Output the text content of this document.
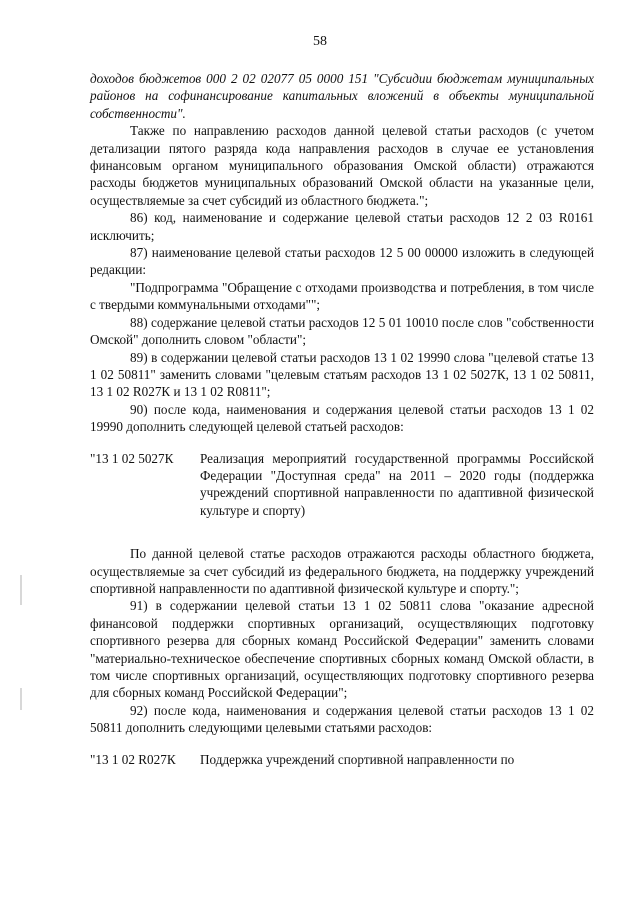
58

доходов бюджетов 000 2 02 02077 05 0000 151 "Субсидии бюджетам муниципальных районов на софинансирование капитальных вложений в объекты муниципальной собственности".

Также по направлению расходов данной целевой статьи расходов (с учетом детализации пятого разряда кода направления расходов в случае ее установления финансовым органом муниципального образования Омской области) отражаются расходы бюджетов муниципальных образований Омской области на указанные цели, осуществляемые за счет субсидий из областного бюджета.";

86) код, наименование и содержание целевой статьи расходов 12 2 03 R0161 исключить;

87) наименование целевой статьи расходов 12 5 00 00000 изложить в следующей редакции:

"Подпрограмма "Обращение с отходами производства и потребления, в том числе с твердыми коммунальными отходами"";

88) содержание целевой статьи расходов 12 5 01 10010 после слов "собственности Омской" дополнить словом "области";

89) в содержании целевой статьи расходов 13 1 02 19990 слова "целевой статье 13 1 02 50811" заменить словами "целевым статьям расходов 13 1 02 5027К, 13 1 02 50811, 13 1 02 R027К и 13 1 02 R0811";

90) после кода, наименования и содержания целевой статьи расходов 13 1 02 19990 дополнить следующей целевой статьей расходов:

"13 1 02 5027К	Реализация мероприятий государственной программы Российской Федерации "Доступная среда" на 2011 – 2020 годы (поддержка учреждений спортивной направленности по адаптивной физической культуре и спорту)

По данной целевой статье расходов отражаются расходы областного бюджета, осуществляемые за счет субсидий из федерального бюджета, на поддержку учреждений спортивной направленности по адаптивной физической культуре и спорту.";

91) в содержании целевой статьи 13 1 02 50811 слова "оказание адресной финансовой поддержки спортивных организаций, осуществляющих подготовку спортивного резерва для сборных команд Российской Федерации" заменить словами "материально-техническое обеспечение спортивных сборных команд Омской области, в том числе спортивных организаций, осуществляющих подготовку спортивного резерва для сборных команд Российской Федерации";

92) после кода, наименования и содержания целевой статьи расходов 13 1 02 50811 дополнить следующими целевыми статьями расходов:

"13 1 02 R027К	Поддержка учреждений спортивной направленности по
